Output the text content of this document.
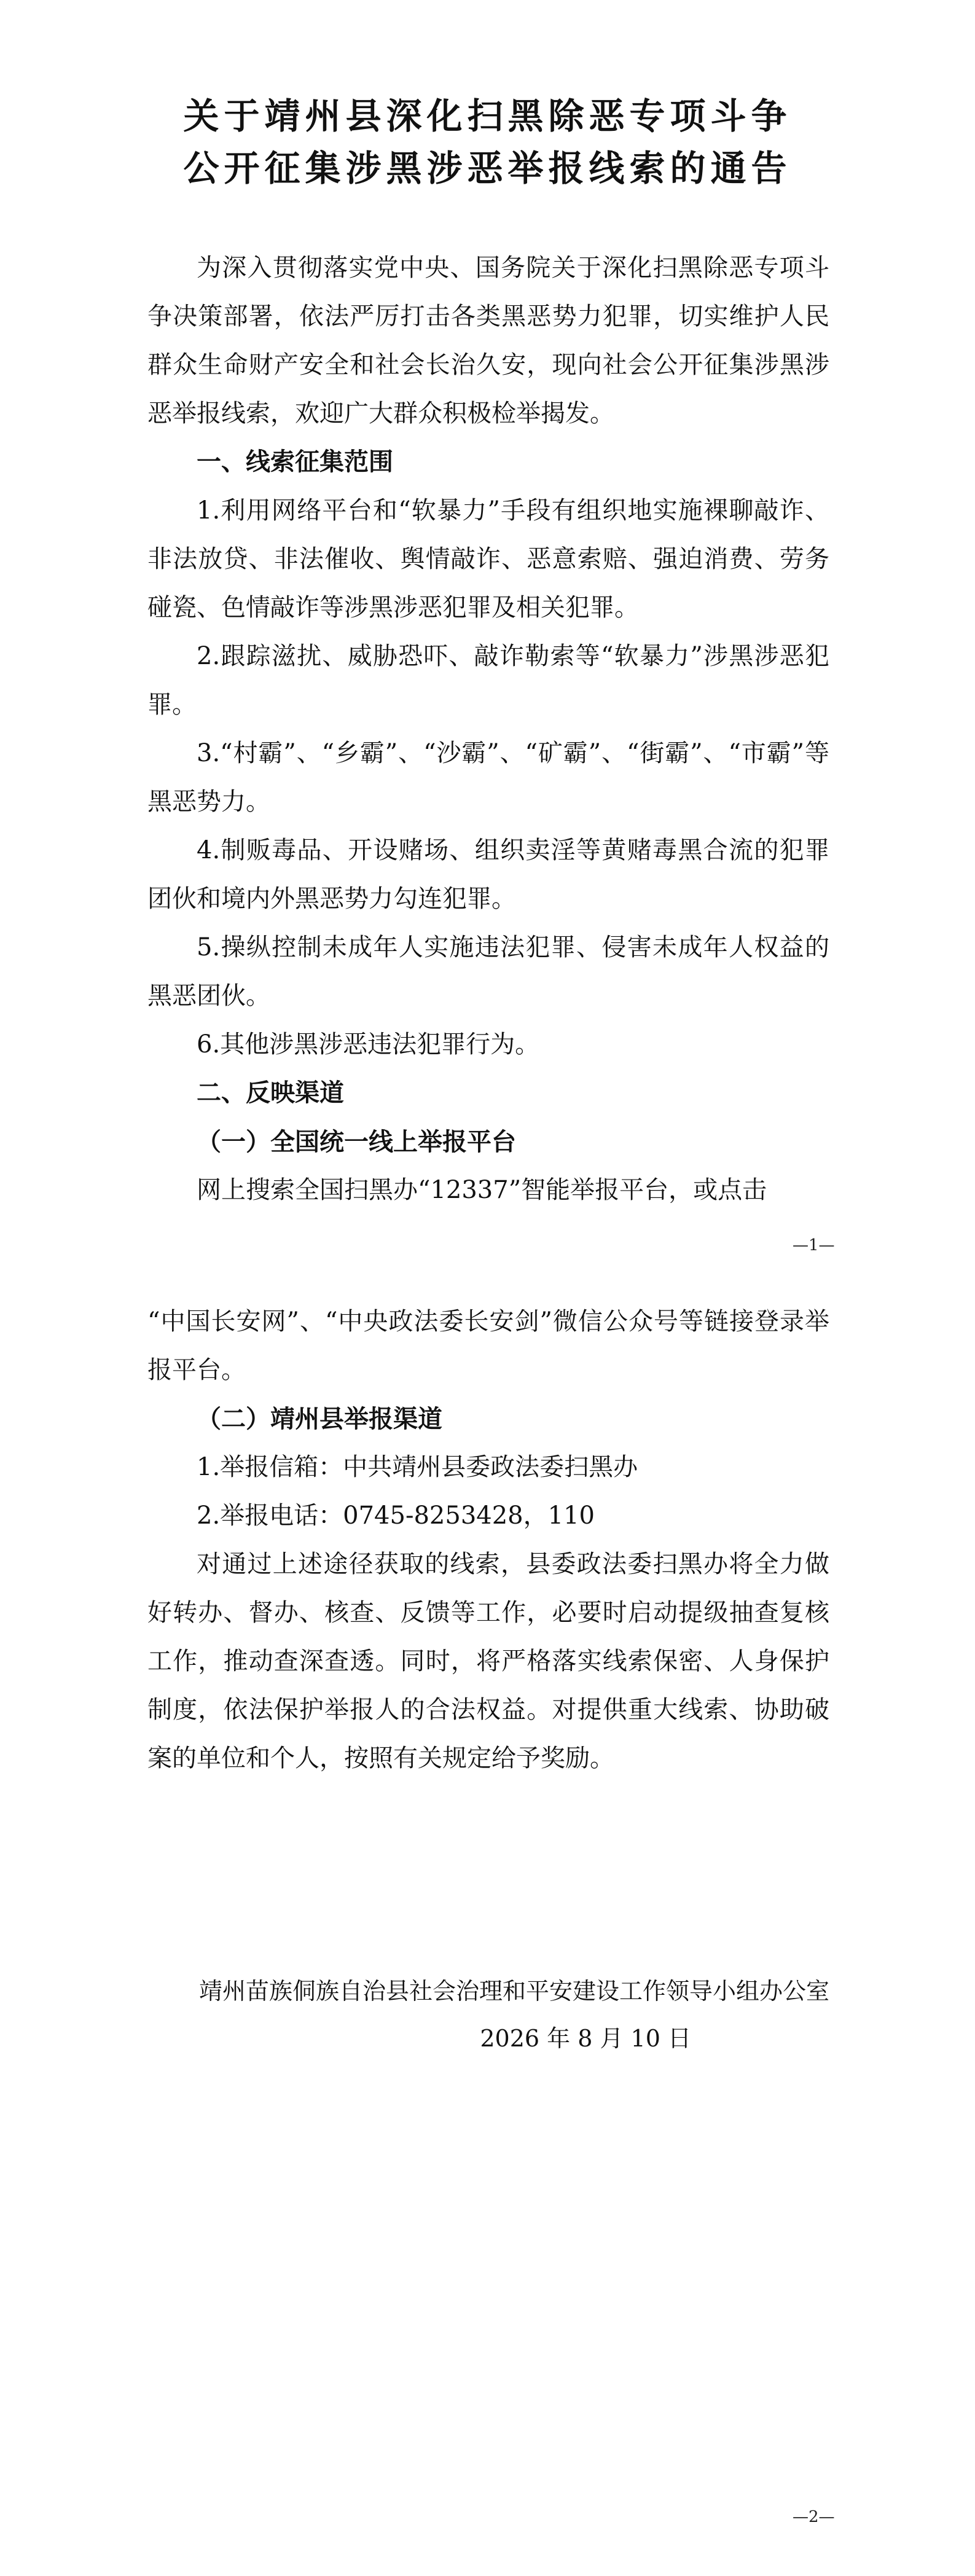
关于靖州县深化扫黑除恶专项斗争
公开征集涉黑涉恶举报线索的通告
为深入贯彻落实党中央、国务院关于深化扫黑除恶专项斗争决策部署，依法严厉打击各类黑恶势力犯罪，切实维护人民群众生命财产安全和社会长治久安，现向社会公开征集涉黑涉恶举报线索，欢迎广大群众积极检举揭发。
一、线索征集范围
1.利用网络平台和“软暴力”手段有组织地实施裸聊敲诈、非法放贷、非法催收、舆情敲诈、恶意索赔、强迫消费、劳务碰瓷、色情敲诈等涉黑涉恶犯罪及相关犯罪。
2.跟踪滋扰、威胁恐吓、敲诈勒索等“软暴力”涉黑涉恶犯罪。
3.“村霸”、“乡霸”、“沙霸”、“矿霸”、“街霸”、“市霸”等黑恶势力。
4.制贩毒品、开设赌场、组织卖淫等黄赌毒黑合流的犯罪团伙和境内外黑恶势力勾连犯罪。
5.操纵控制未成年人实施违法犯罪、侵害未成年人权益的黑恶团伙。
6.其他涉黑涉恶违法犯罪行为。
二、反映渠道
（一）全国统一线上举报平台
网上搜索全国扫黑办“12337”智能举报平台，或点击
—1—
“中国长安网”、“中央政法委长安剑”微信公众号等链接登录举报平台。
（二）靖州县举报渠道
1.举报信箱：中共靖州县委政法委扫黑办
2.举报电话：0745-8253428，110
对通过上述途径获取的线索，县委政法委扫黑办将全力做好转办、督办、核查、反馈等工作，必要时启动提级抽查复核工作，推动查深查透。同时，将严格落实线索保密、人身保护制度，依法保护举报人的合法权益。对提供重大线索、协助破案的单位和个人，按照有关规定给予奖励。
靖州苗族侗族自治县社会治理和平安建设工作领导小组办公室
2026 年 8 月 10 日
—2—
